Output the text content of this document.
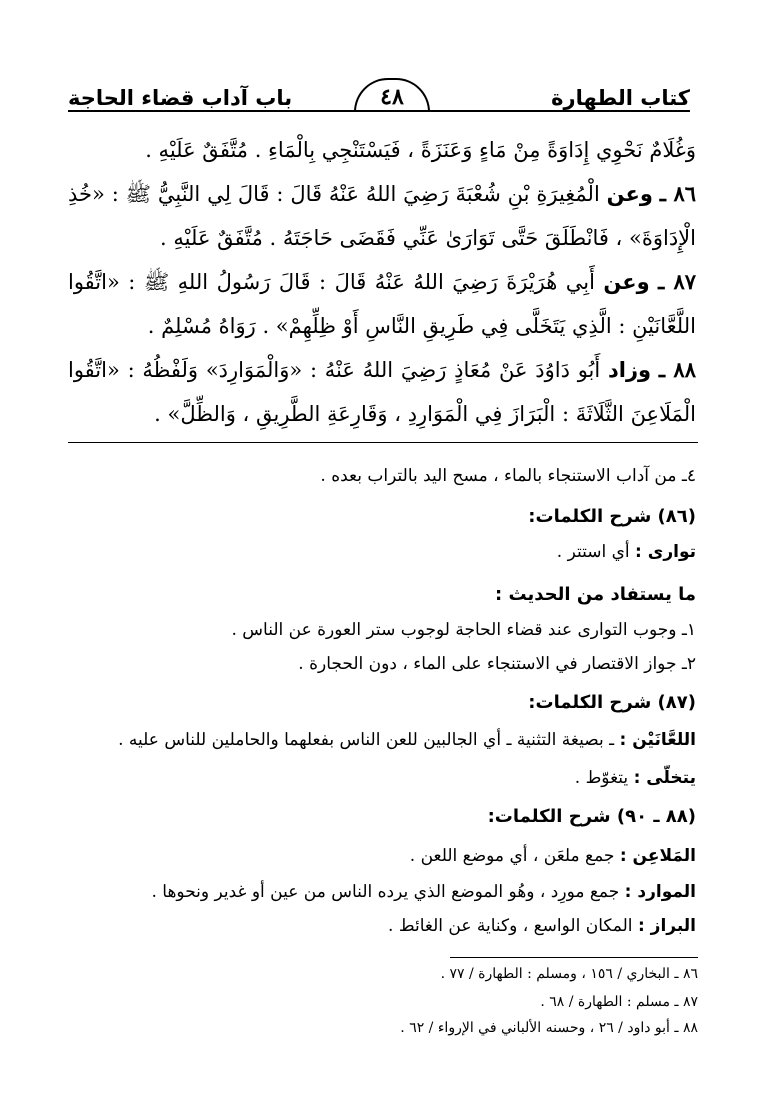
كتاب الطهارة
٤٨
باب آداب قضاء الحاجة

وَغُلَامٌ نَحْوِي إِدَاوَةً مِنْ مَاءٍ وَعَنَزَةً ، فَيَسْتَنْجِي بِالْمَاءِ . مُتَّفَقٌ عَلَيْهِ .

٨٦ ـ وعن الْمُغِيرَةِ بْنِ شُعْبَةَ رَضِيَ اللهُ عَنْهُ قَالَ : قَالَ لِي النَّبِيُّ ﷺ : «خُذِ الْإِدَاوَةَ» ، فَانْطَلَقَ حَتَّى تَوَارَىٰ عَنِّي فَقَضَى حَاجَتَهُ . مُتَّفَقٌ عَلَيْهِ .

٨٧ ـ وعن أَبِي هُرَيْرَةَ رَضِيَ اللهُ عَنْهُ قَالَ : قَالَ رَسُولُ اللهِ ﷺ : «اتَّقُوا اللَّعَّانَيْنِ : الَّذِي يَتَخَلَّى فِي طَرِيقِ النَّاسِ أَوْ ظِلِّهِمْ» . رَوَاهُ مُسْلِمٌ .

٨٨ ـ وزاد أَبُو دَاوُدَ عَنْ مُعَاذٍ رَضِيَ اللهُ عَنْهُ : «وَالْمَوَارِدَ» وَلَفْظُهُ : «اتَّقُوا الْمَلَاعِنَ الثَّلَاثَةَ : الْبَرَازَ فِي الْمَوَارِدِ ، وَقَارِعَةِ الطَّرِيقِ ، وَالظِّلَّ» .

٤ـ من آداب الاستنجاء بالماء ، مسح اليد بالتراب بعده .
(٨٦) شرح الكلمات:
توارى : أي استتر .
ما يستفاد من الحديث :
١ـ وجوب التوارى عند قضاء الحاجة لوجوب ستر العورة عن الناس .
٢ـ جواز الاقتصار في الاستنجاء على الماء ، دون الحجارة .
(٨٧) شرح الكلمات:
اللعَّانَيْن : ـ بصيغة التثنية ـ أي الجالبين للعن الناس بفعلهما والحاملين للناس عليه .
يتخلّى : يتغوّط .
(٨٨ ـ ٩٠) شرح الكلمات:
المَلاعِن : جمع ملعَن ، أي موضع اللعن .
الموارد : جمع مورِد ، وهُو الموضع الذي يرده الناس من عين أو غدير ونحوها .
البراز : المكان الواسع ، وكناية عن الغائط .
٨٦ ـ البخاري / ١٥٦ ، ومسلم : الطهارة / ٧٧ .
٨٧ ـ مسلم : الطهارة / ٦٨ .
٨٨ ـ أبو داود / ٢٦ ، وحسنه الألباني في الإرواء / ٦٢ .
